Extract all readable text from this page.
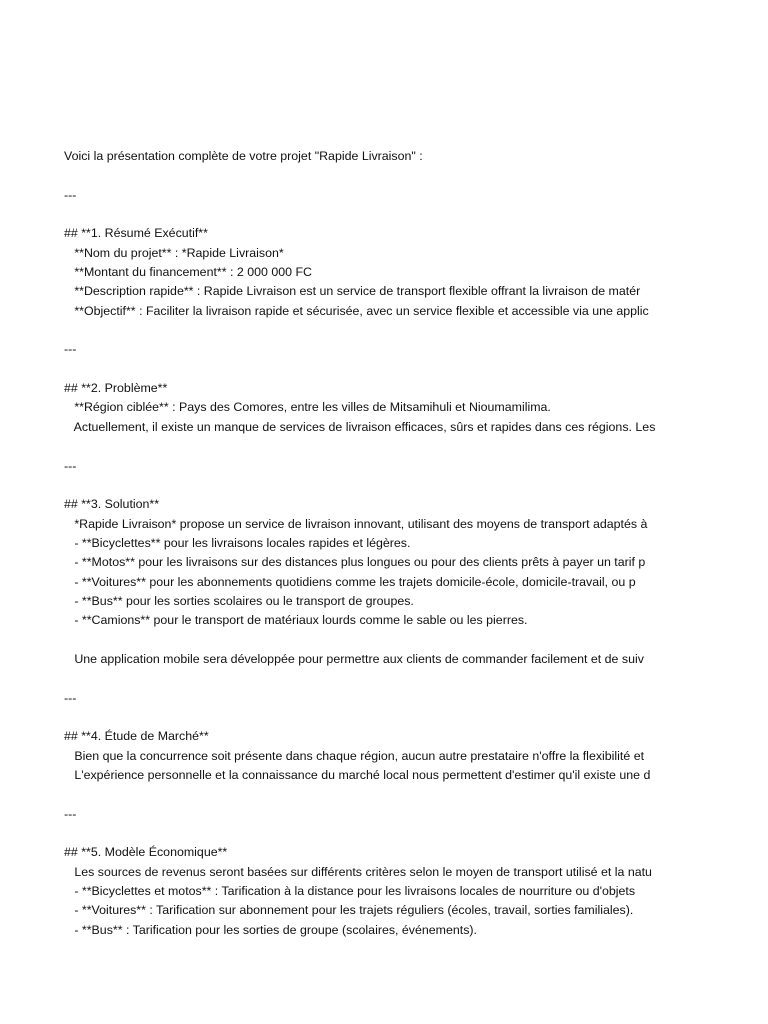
Voici la présentation complète de votre projet "Rapide Livraison" :
---
## **1. Résumé Exécutif**
**Nom du projet** : *Rapide Livraison*
**Montant du financement** : 2 000 000 FC
**Description rapide** : Rapide Livraison est un service de transport flexible offrant la livraison de matér
**Objectif** : Faciliter la livraison rapide et sécurisée, avec un service flexible et accessible via une applic
---
## **2. Problème**
**Région ciblée** : Pays des Comores, entre les villes de Mitsamihuli et Nioumamilima.
Actuellement, il existe un manque de services de livraison efficaces, sûrs et rapides dans ces régions. Les
---
## **3. Solution**
*Rapide Livraison* propose un service de livraison innovant, utilisant des moyens de transport adaptés à
- **Bicyclettes** pour les livraisons locales rapides et légères.
- **Motos** pour les livraisons sur des distances plus longues ou pour des clients prêts à payer un tarif p
- **Voitures** pour les abonnements quotidiens comme les trajets domicile-école, domicile-travail, ou p
- **Bus** pour les sorties scolaires ou le transport de groupes.
- **Camions** pour le transport de matériaux lourds comme le sable ou les pierres.
Une application mobile sera développée pour permettre aux clients de commander facilement et de suiv
---
## **4. Étude de Marché**
Bien que la concurrence soit présente dans chaque région, aucun autre prestataire n'offre la flexibilité et
L'expérience personnelle et la connaissance du marché local nous permettent d'estimer qu'il existe une d
---
## **5. Modèle Économique**
Les sources de revenus seront basées sur différents critères selon le moyen de transport utilisé et la natu
- **Bicyclettes et motos** : Tarification à la distance pour les livraisons locales de nourriture ou d'objets
- **Voitures** : Tarification sur abonnement pour les trajets réguliers (écoles, travail, sorties familiales).
- **Bus** : Tarification pour les sorties de groupe (scolaires, événements).
